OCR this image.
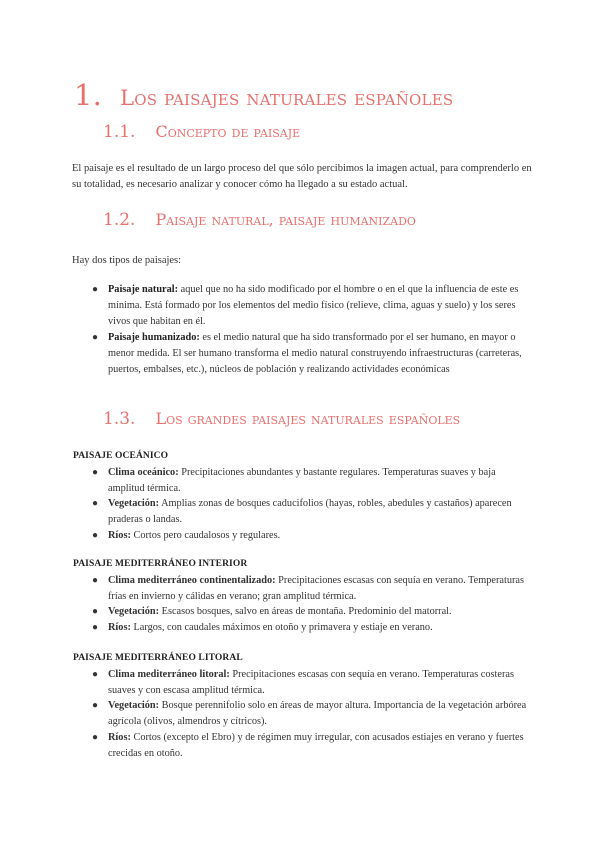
1. Los paisajes naturales españoles
1.1. Concepto de paisaje
El paisaje es el resultado de un largo proceso del que sólo percibimos la imagen actual, para comprenderlo en su totalidad, es necesario analizar y conocer cómo ha llegado a su estado actual.
1.2. Paisaje natural, paisaje humanizado
Hay dos tipos de paisajes:
● Paisaje natural: aquel que no ha sido modificado por el hombre o en el que la influencia de este es mínima. Está formado por los elementos del medio físico (relieve, clima, aguas y suelo) y los seres vivos que habitan en él.
● Paisaje humanizado: es el medio natural que ha sido transformado por el ser humano, en mayor o menor medida. El ser humano transforma el medio natural construyendo infraestructuras (carreteras, puertos, embalses, etc.), núcleos de población y realizando actividades económicas
1.3. Los grandes paisajes naturales españoles
PAISAJE OCEÁNICO
● Clima oceánico: Precipitaciones abundantes y bastante regulares. Temperaturas suaves y baja amplitud térmica.
● Vegetación: Amplias zonas de bosques caducifolios (hayas, robles, abedules y castaños) aparecen praderas o landas.
● Ríos: Cortos pero caudalosos y regulares.
PAISAJE MEDITERRÁNEO INTERIOR
● Clima mediterráneo continentalizado: Precipitaciones escasas con sequía en verano. Temperaturas frías en invierno y cálidas en verano; gran amplitud térmica.
● Vegetación: Escasos bosques, salvo en áreas de montaña. Predominio del matorral.
● Ríos: Largos, con caudales máximos en otoño y primavera y estiaje en verano.
PAISAJE MEDITERRÁNEO LITORAL
● Clima mediterráneo litoral: Precipitaciones escasas con sequía en verano. Temperaturas costeras suaves y con escasa amplitud térmica.
● Vegetación: Bosque perennifolio solo en áreas de mayor altura. Importancia de la vegetación arbórea agrícola (olivos, almendros y cítricos).
● Ríos: Cortos (excepto el Ebro) y de régimen muy irregular, con acusados estiajes en verano y fuertes crecidas en otoño.
